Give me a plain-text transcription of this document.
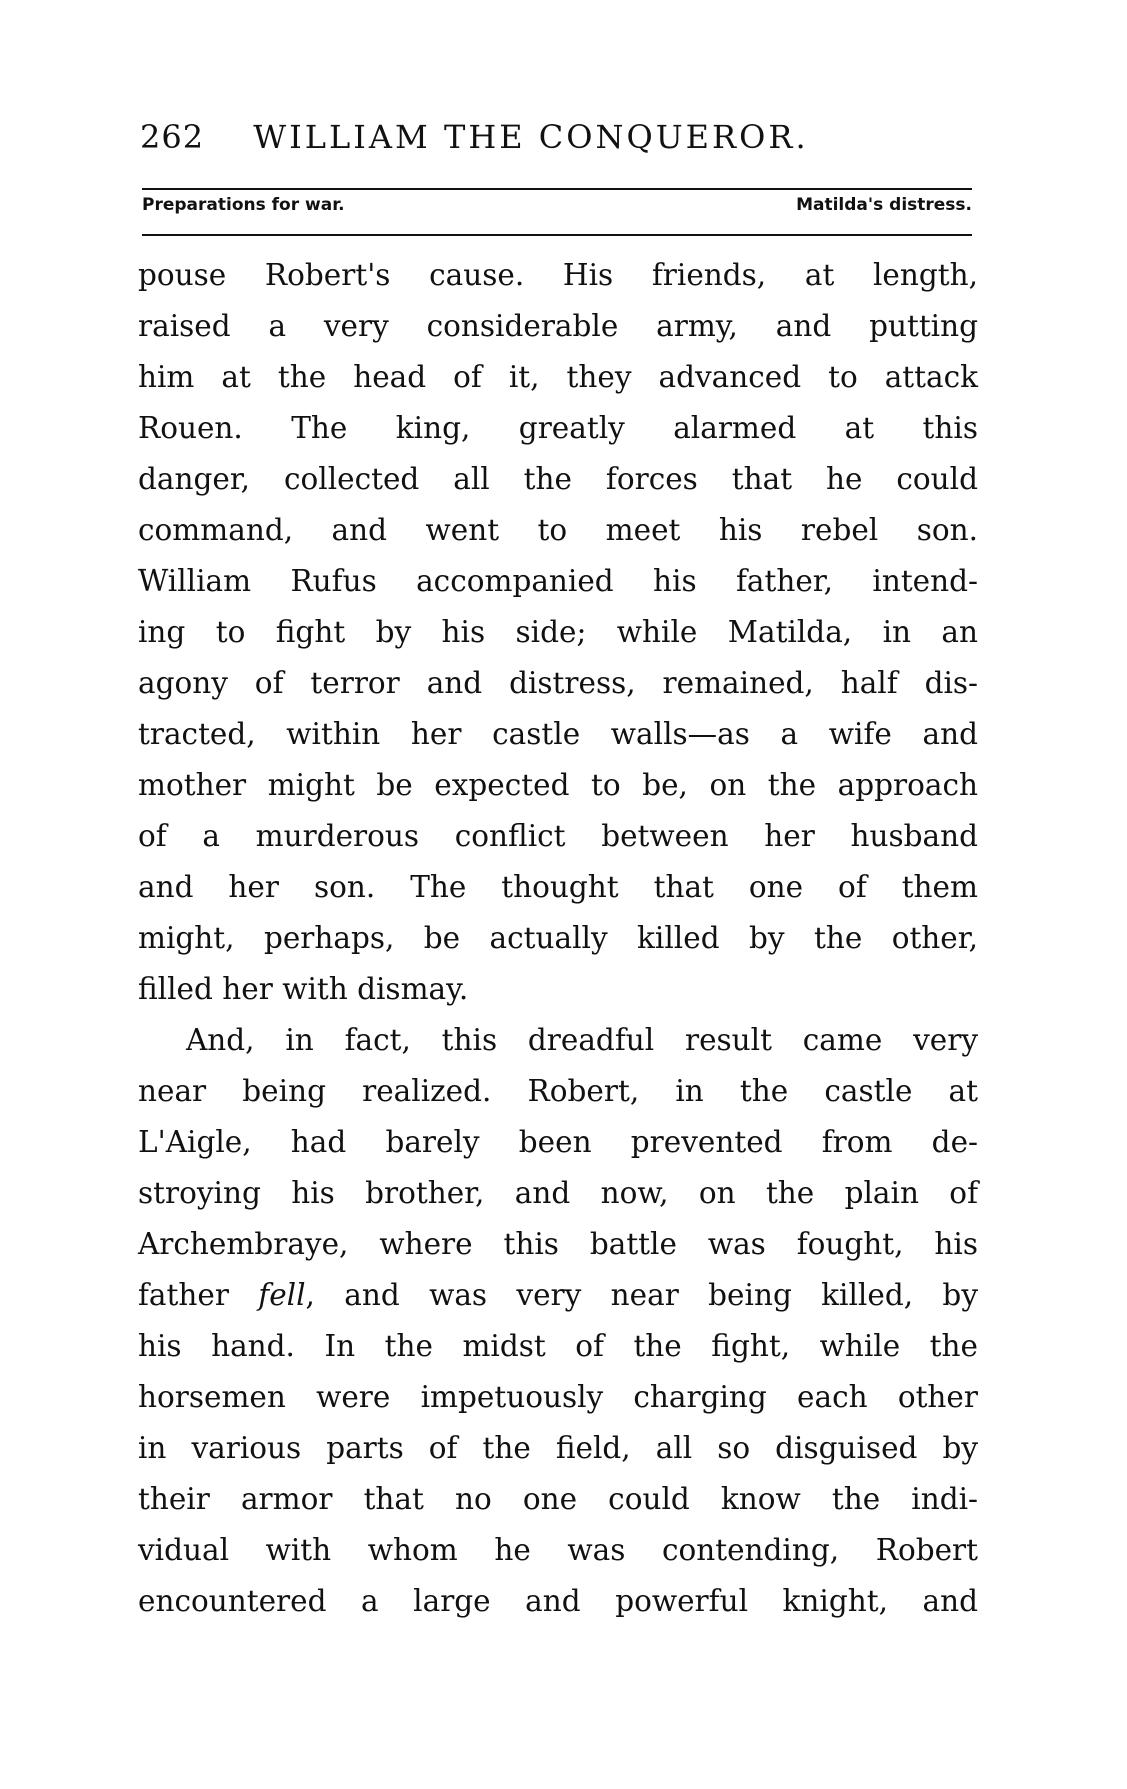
262 WILLIAM THE CONQUEROR.
Preparations for war.	Matilda's distress.
pouse Robert's cause. His friends, at length,
raised a very considerable army, and putting
him at the head of it, they advanced to attack
Rouen. The king, greatly alarmed at this
danger, collected all the forces that he could
command, and went to meet his rebel son.
William Rufus accompanied his father, intend-
ing to fight by his side; while Matilda, in an
agony of terror and distress, remained, half dis-
tracted, within her castle walls—as a wife and
mother might be expected to be, on the approach
of a murderous conflict between her husband
and her son. The thought that one of them
might, perhaps, be actually killed by the other,
filled her with dismay.
And, in fact, this dreadful result came very
near being realized. Robert, in the castle at
L'Aigle, had barely been prevented from de-
stroying his brother, and now, on the plain of
Archembraye, where this battle was fought, his
father fell, and was very near being killed, by
his hand. In the midst of the fight, while the
horsemen were impetuously charging each other
in various parts of the field, all so disguised by
their armor that no one could know the indi-
vidual with whom he was contending, Robert
encountered a large and powerful knight, and
